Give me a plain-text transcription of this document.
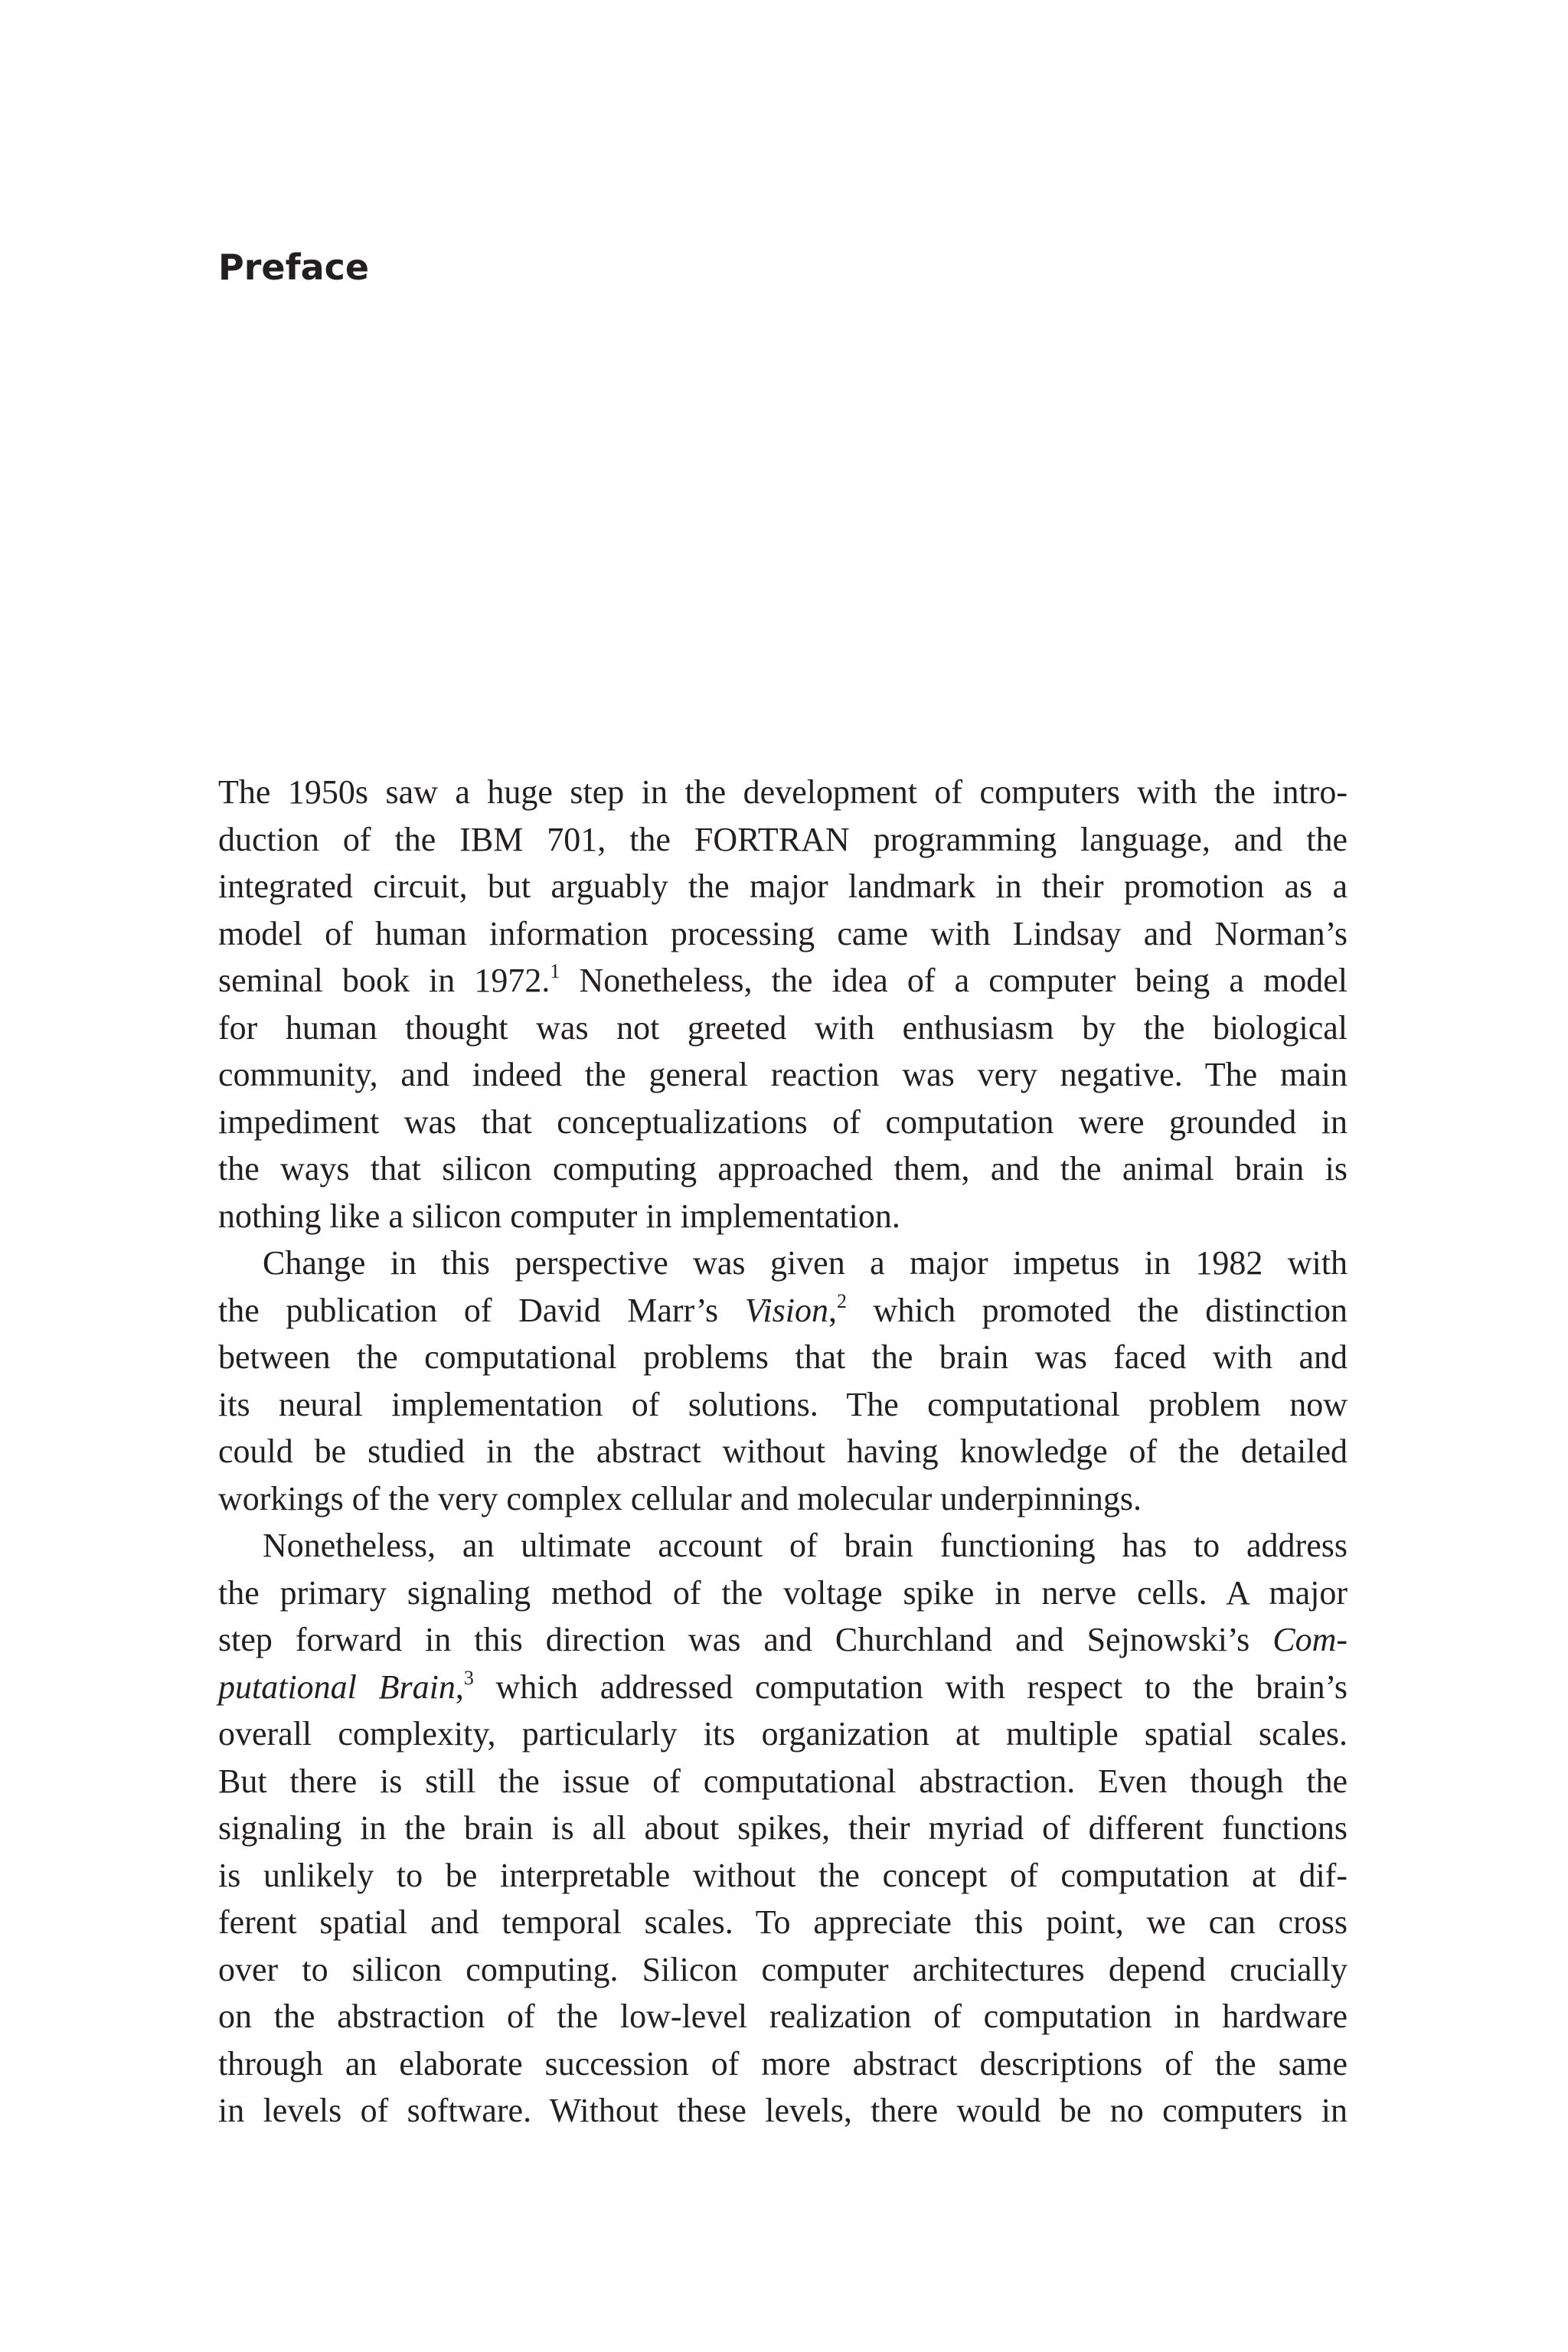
Preface
The 1950s saw a huge step in the development of computers with the intro-
duction of the IBM 701, the FORTRAN programming language, and the
integrated circuit, but arguably the major landmark in their promotion as a
model of human information processing came with Lindsay and Norman’s
seminal book in 1972.$^1$ Nonetheless, the idea of a computer being a model
for human thought was not greeted with enthusiasm by the biological
community, and indeed the general reaction was very negative. The main
impediment was that conceptualizations of computation were grounded in
the ways that silicon computing approached them, and the animal brain is
nothing like a silicon computer in implementation.
Change in this perspective was given a major impetus in 1982 with
the publication of David Marr’s Vision,$^2$ which promoted the distinction
between the computational problems that the brain was faced with and
its neural implementation of solutions. The computational problem now
could be studied in the abstract without having knowledge of the detailed
workings of the very complex cellular and molecular underpinnings.
Nonetheless, an ultimate account of brain functioning has to address
the primary signaling method of the voltage spike in nerve cells. A major
step forward in this direction was and Churchland and Sejnowski’s Com-
putational Brain,$^3$ which addressed computation with respect to the brain’s
overall complexity, particularly its organization at multiple spatial scales.
But there is still the issue of computational abstraction. Even though the
signaling in the brain is all about spikes, their myriad of different functions
is unlikely to be interpretable without the concept of computation at dif-
ferent spatial and temporal scales. To appreciate this point, we can cross
over to silicon computing. Silicon computer architectures depend crucially
on the abstraction of the low-level realization of computation in hardware
through an elaborate succession of more abstract descriptions of the same
in levels of software. Without these levels, there would be no computers in
